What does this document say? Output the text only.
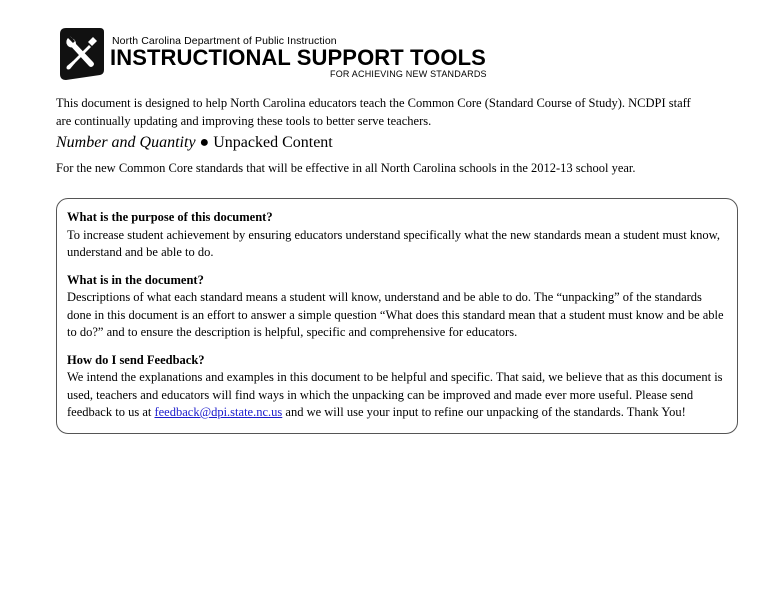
North Carolina Department of Public Instruction
INSTRUCTIONAL SUPPORT TOOLS
FOR ACHIEVING NEW STANDARDS
This document is designed to help North Carolina educators teach the Common Core (Standard Course of Study). NCDPI staff are continually updating and improving these tools to better serve teachers.
Number and Quantity ● Unpacked Content
For the new Common Core standards that will be effective in all North Carolina schools in the 2012-13 school year.
What is the purpose of this document?
To increase student achievement by ensuring educators understand specifically what the new standards mean a student must know, understand and be able to do.
What is in the document?
Descriptions of what each standard means a student will know, understand and be able to do. The “unpacking” of the standards done in this document is an effort to answer a simple question “What does this standard mean that a student must know and be able to do?” and to ensure the description is helpful, specific and comprehensive for educators.
How do I send Feedback?
We intend the explanations and examples in this document to be helpful and specific. That said, we believe that as this document is used, teachers and educators will find ways in which the unpacking can be improved and made ever more useful. Please send feedback to us at feedback@dpi.state.nc.us and we will use your input to refine our unpacking of the standards. Thank You!
